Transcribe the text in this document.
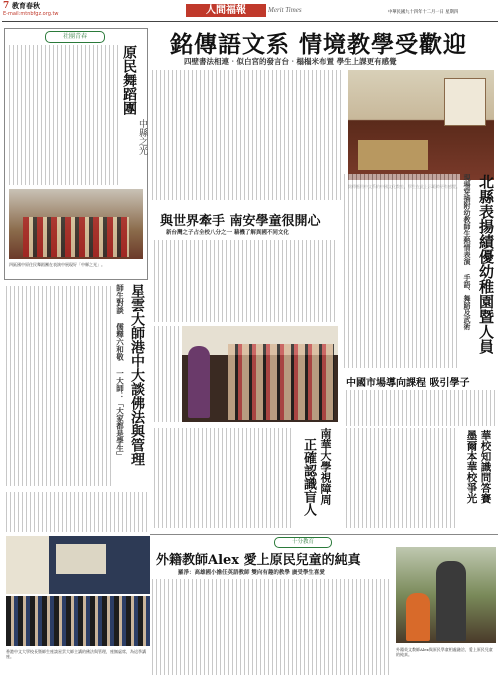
7 教育春秋
E-mail:mtnbfgz.org.tw	人間福報	Merit Times	中華民國九十四年十二月一日 星期四
社團青春
原民舞蹈團
中縣之光
四區國中原住民舞蹈團在表演中展現好「中縣之光」。
星雲大師港中大談佛法與管理
師生對談 儒釋六和敬 一大師：「大家都是學生」
香港中文大學校長暨師生座談星雲大師主講的佛法與管理，座無虛席，為這季講座。
銘傳語文系 情境教學受歡迎
四壁書法相連‧似白宮的發言台‧榻榻米布置 學生上課更有感覺
與世界牽手 南安學童很開心
新台灣之子占全校八分之一 藉機了解異國不同文化	北縣表揚績優幼稚園暨人員
現場穿插附幼教師生熱情表演 手語、舞蹈及武術
中國市場導向課程 吸引學子
華校知識問答賽
墨爾本華校爭光
南華大學視障周
正確認識盲人
十分教育
外籍教師Alex 愛上原民兒童的純真
羅淨：高雄國小擔任英語教師 雙向有趣的教學 廣受學生喜愛
外籍英文教師Alex與原民學童相處融洽，愛上原民兒童的純真。
